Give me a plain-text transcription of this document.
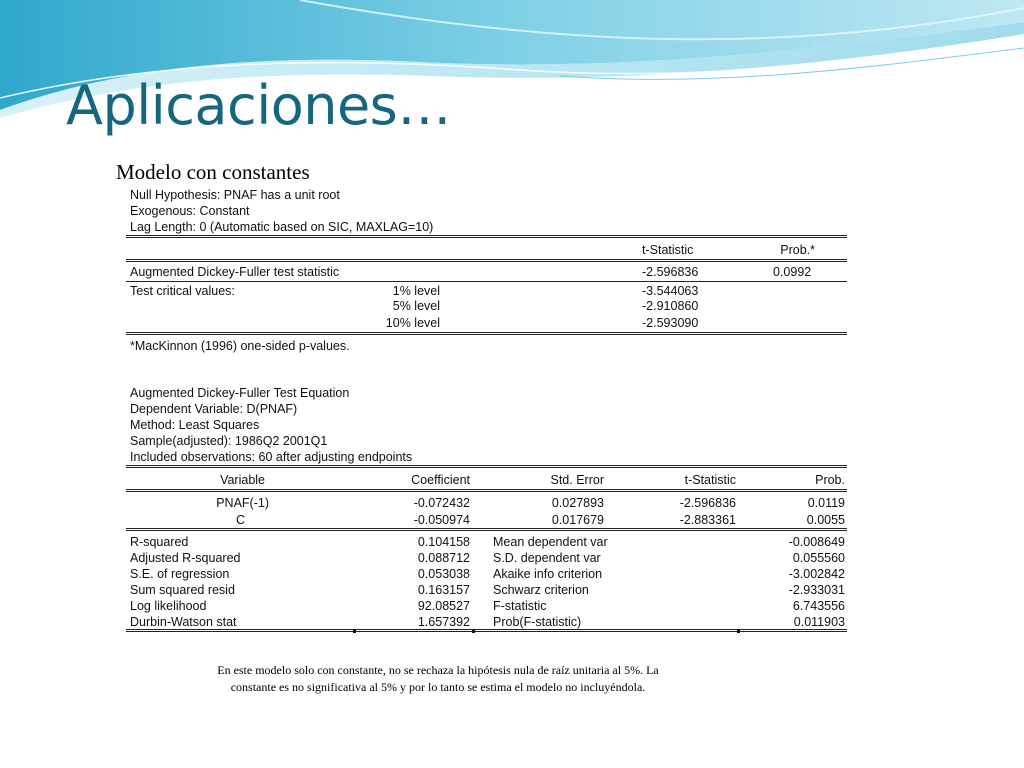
Aplicaciones…
Modelo con constantes
Null Hypothesis: PNAF has a unit root
Exogenous: Constant
Lag Length: 0 (Automatic based on SIC, MAXLAG=10)
t-Statistic	Prob.*
Augmented Dickey-Fuller test statistic	-2.596836	0.0992
Test critical values:	1% level	-3.544063
5% level	-2.910860
10% level	-2.593090
*MacKinnon (1996) one-sided p-values.
Augmented Dickey-Fuller Test Equation
Dependent Variable: D(PNAF)
Method: Least Squares
Sample(adjusted): 1986Q2 2001Q1
Included observations: 60 after adjusting endpoints
Variable	Coefficient	Std. Error	t-Statistic	Prob.
PNAF(-1)	-0.072432	0.027893	-2.596836	0.0119
C	-0.050974	0.017679	-2.883361	0.0055
R-squared	0.104158 Mean dependent var	-0.008649
Adjusted R-squared	0.088712 S.D. dependent var	0.055560
S.E. of regression	0.053038 Akaike info criterion	-3.002842
Sum squared resid	0.163157 Schwarz criterion	-2.933031
Log likelihood	92.08527 F-statistic	6.743556
Durbin-Watson stat	1.657392 Prob(F-statistic)	0.011903
En este modelo solo con constante, no se rechaza la hipótesis nula de raíz unitaria al 5%. La constante es no significativa al 5% y por lo tanto se estima el modelo no incluyéndola.
